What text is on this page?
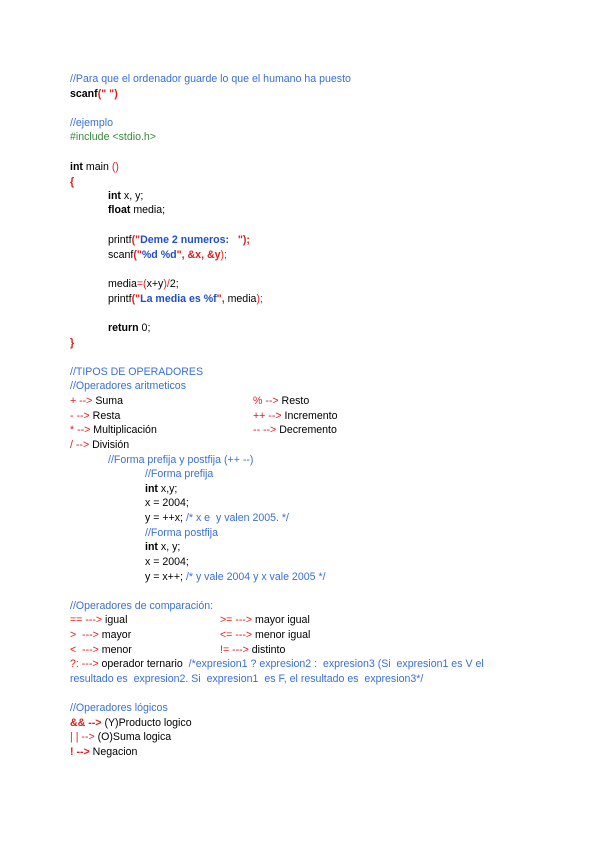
//Para que el ordenador guarde lo que el humano ha puesto
scanf(" ")
//ejemplo
#include <stdio.h>
int main ()
{
int x, y;
float media;
printf("Deme 2 numeros:   ");
scanf("%d %d", &x, &y);
media=(x+y)/2;
printf("La media es %f", media);
return 0;
}
//TIPOS DE OPERADORES
//Operadores aritmeticos
+ --> Suma	% --> Resto
- --> Resta	++ --> Incremento
* --> Multiplicación	-- --> Decremento
/ --> División
//Forma prefija y postfija (++ --)
//Forma prefija
int x,y;
x = 2004;
y = ++x; /* x e  y valen 2005. */
//Forma postfija
int x, y;
x = 2004;
y = x++; /* y vale 2004 y x vale 2005 */
//Operadores de comparación:
== ---> igual	>= ---> mayor igual
>  ---> mayor	<= ---> menor igual
<  ---> menor	!= ---> distinto
?: ---> operador ternario  /*expresion1 ? expresion2 :  expresion3 (Si  expresion1 es V el
resultado es  expresion2. Si  expresion1  es F, el resultado es  expresion3*/
//Operadores lógicos
&& --> (Y)Producto logico
| | --> (O)Suma logica
! --> Negacion
